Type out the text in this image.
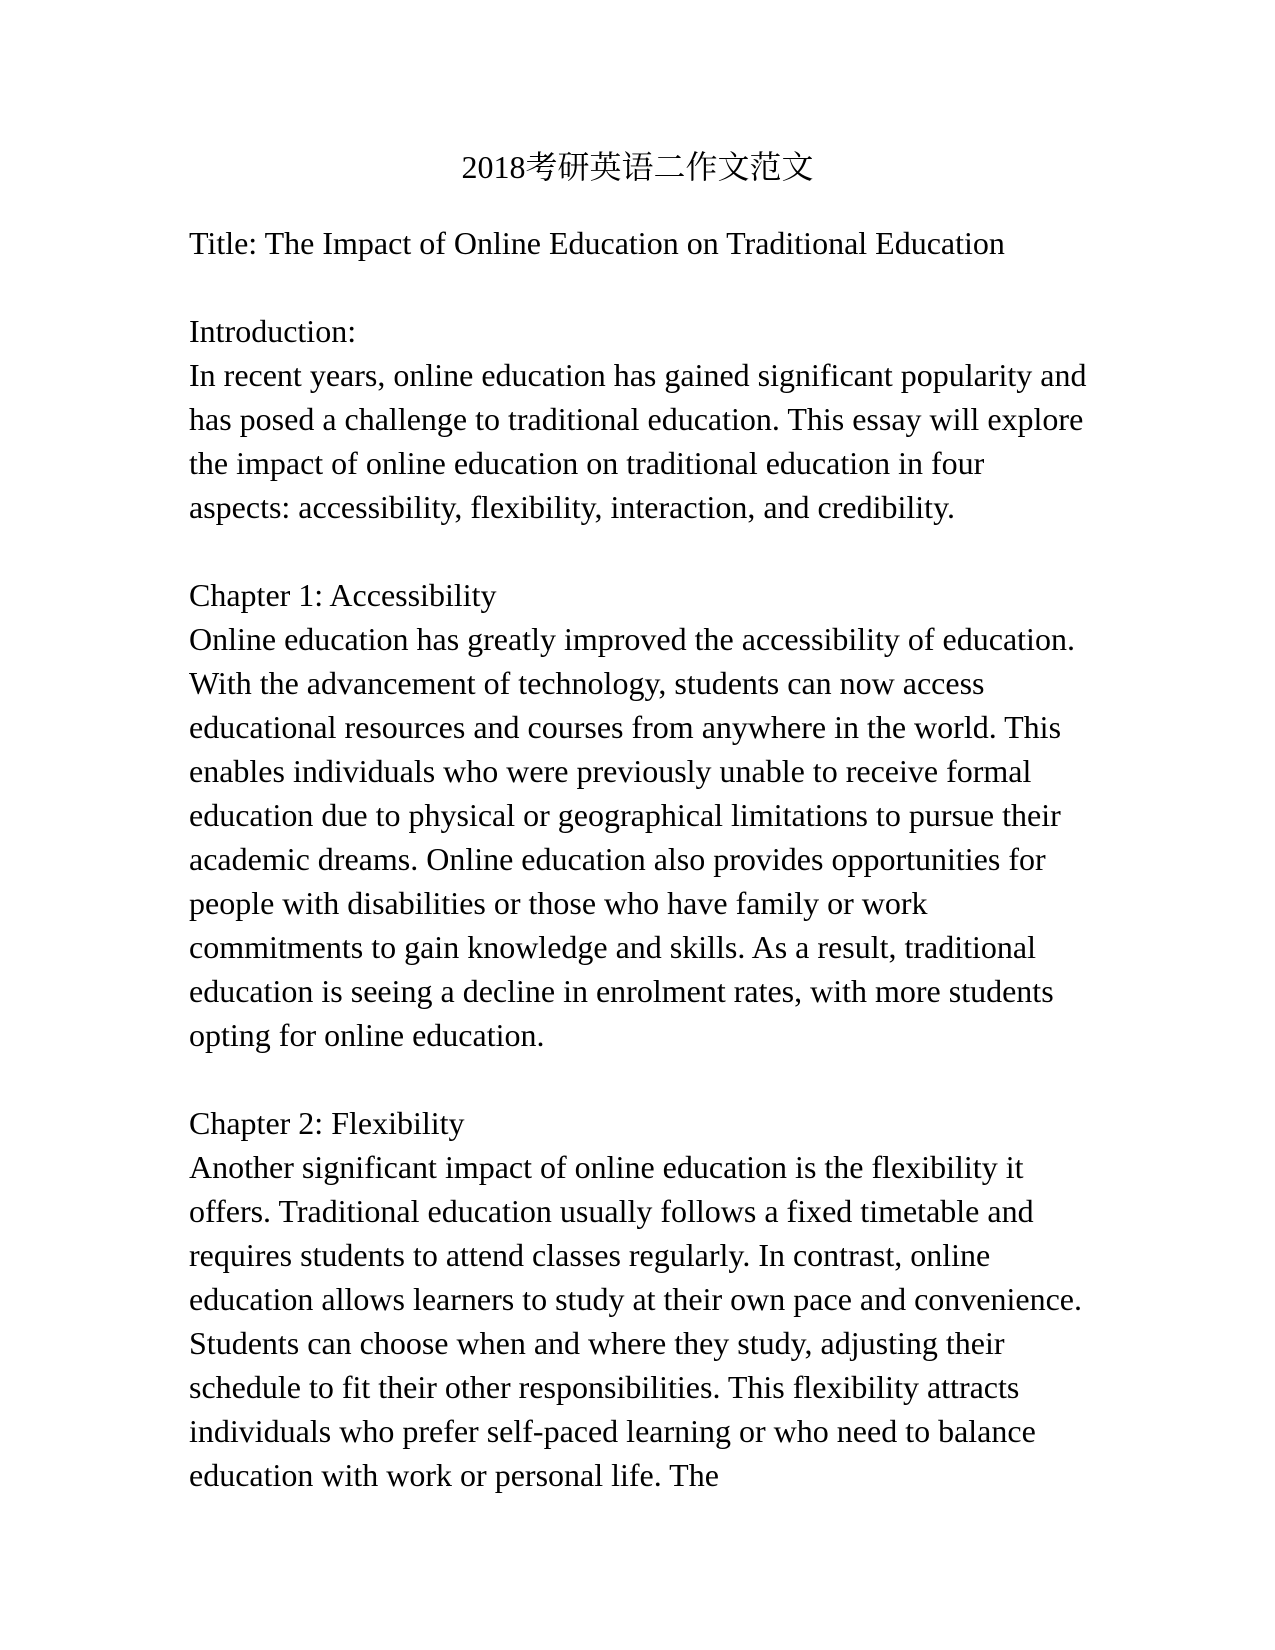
2018考研英语二作文范文

Title: The Impact of Online Education on Traditional Education

Introduction:

In recent years, online education has gained significant popularity and has posed a challenge to traditional education. This essay will explore the impact of online education on traditional education in four aspects: accessibility, flexibility, interaction, and credibility.

Chapter 1: Accessibility

Online education has greatly improved the accessibility of education. With the advancement of technology, students can now access educational resources and courses from anywhere in the world. This enables individuals who were previously unable to receive formal education due to physical or geographical limitations to pursue their academic dreams. Online education also provides opportunities for people with disabilities or those who have family or work commitments to gain knowledge and skills. As a result, traditional education is seeing a decline in enrolment rates, with more students opting for online education.

Chapter 2: Flexibility

Another significant impact of online education is the flexibility it offers. Traditional education usually follows a fixed timetable and requires students to attend classes regularly. In contrast, online education allows learners to study at their own pace and convenience. Students can choose when and where they study, adjusting their schedule to fit their other responsibilities. This flexibility attracts individuals who prefer self-paced learning or who need to balance education with work or personal life. The
